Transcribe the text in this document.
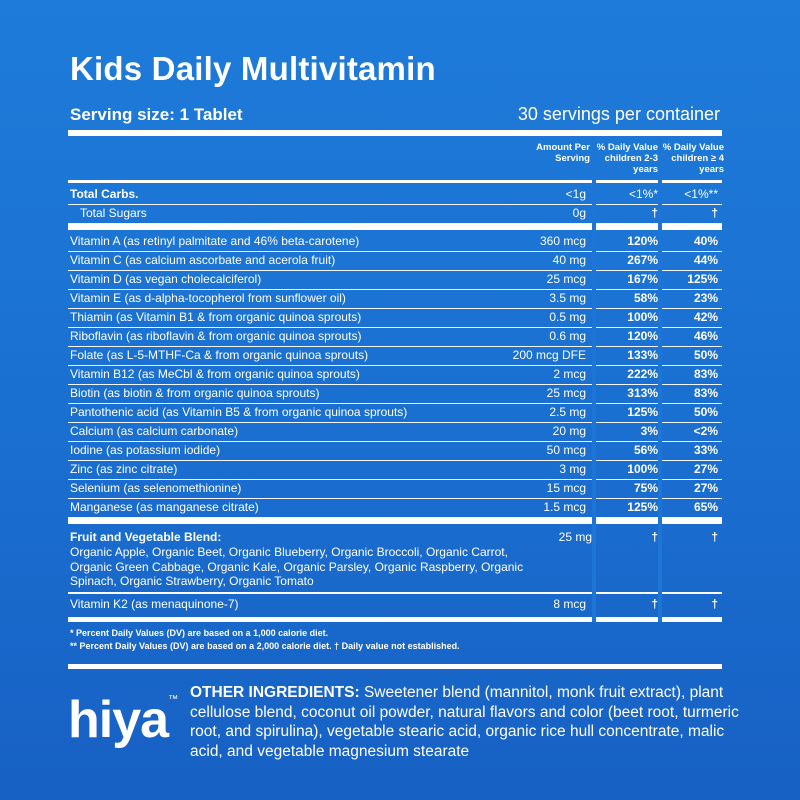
Kids Daily Multivitamin
Serving size: 1 Tablet	30 servings per container
Amount Per Serving
% Daily Value children 2-3 years
% Daily Value children ≥ 4 years
Total Carbs.	<1g	<1%*	<1%**
Total Sugars	0g	†	†
Vitamin A (as retinyl palmitate and 46% beta-carotene)	360 mcg	120%	40%
Vitamin C (as calcium ascorbate and acerola fruit)	40 mg	267%	44%
Vitamin D (as vegan cholecalciferol)	25 mcg	167%	125%
Vitamin E (as d-alpha-tocopherol from sunflower oil)	3.5 mg	58%	23%
Thiamin (as Vitamin B1 & from organic quinoa sprouts)	0.5 mg	100%	42%
Riboflavin (as riboflavin & from organic quinoa sprouts)	0.6 mg	120%	46%
Folate (as L-5-MTHF-Ca & from organic quinoa sprouts)	200 mcg DFE	133%	50%
Vitamin B12 (as MeCbl & from organic quinoa sprouts)	2 mcg	222%	83%
Biotin (as biotin & from organic quinoa sprouts)	25 mcg	313%	83%
Pantothenic acid (as Vitamin B5 & from organic quinoa sprouts)	2.5 mg	125%	50%
Calcium (as calcium carbonate)	20 mg	3%	<2%
Iodine (as potassium iodide)	50 mcg	56%	33%
Zinc (as zinc citrate)	3 mg	100%	27%
Selenium (as selenomethionine)	15 mcg	75%	27%
Manganese (as manganese citrate)	1.5 mcg	125%	65%
Fruit and Vegetable Blend:	25 mg	†	†
Organic Apple, Organic Beet, Organic Blueberry, Organic Broccoli, Organic Carrot, Organic Green Cabbage, Organic Kale, Organic Parsley, Organic Raspberry, Organic Spinach, Organic Strawberry, Organic Tomato
Vitamin K2 (as menaquinone-7)	8 mcg	†	†
* Percent Daily Values (DV) are based on a 1,000 calorie diet.
** Percent Daily Values (DV) are based on a 2,000 calorie diet. † Daily value not established.
hiya™ OTHER INGREDIENTS: Sweetener blend (mannitol, monk fruit extract), plant cellulose blend, coconut oil powder, natural flavors and color (beet root, turmeric root, and spirulina), vegetable stearic acid, organic rice hull concentrate, malic acid, and vegetable magnesium stearate
